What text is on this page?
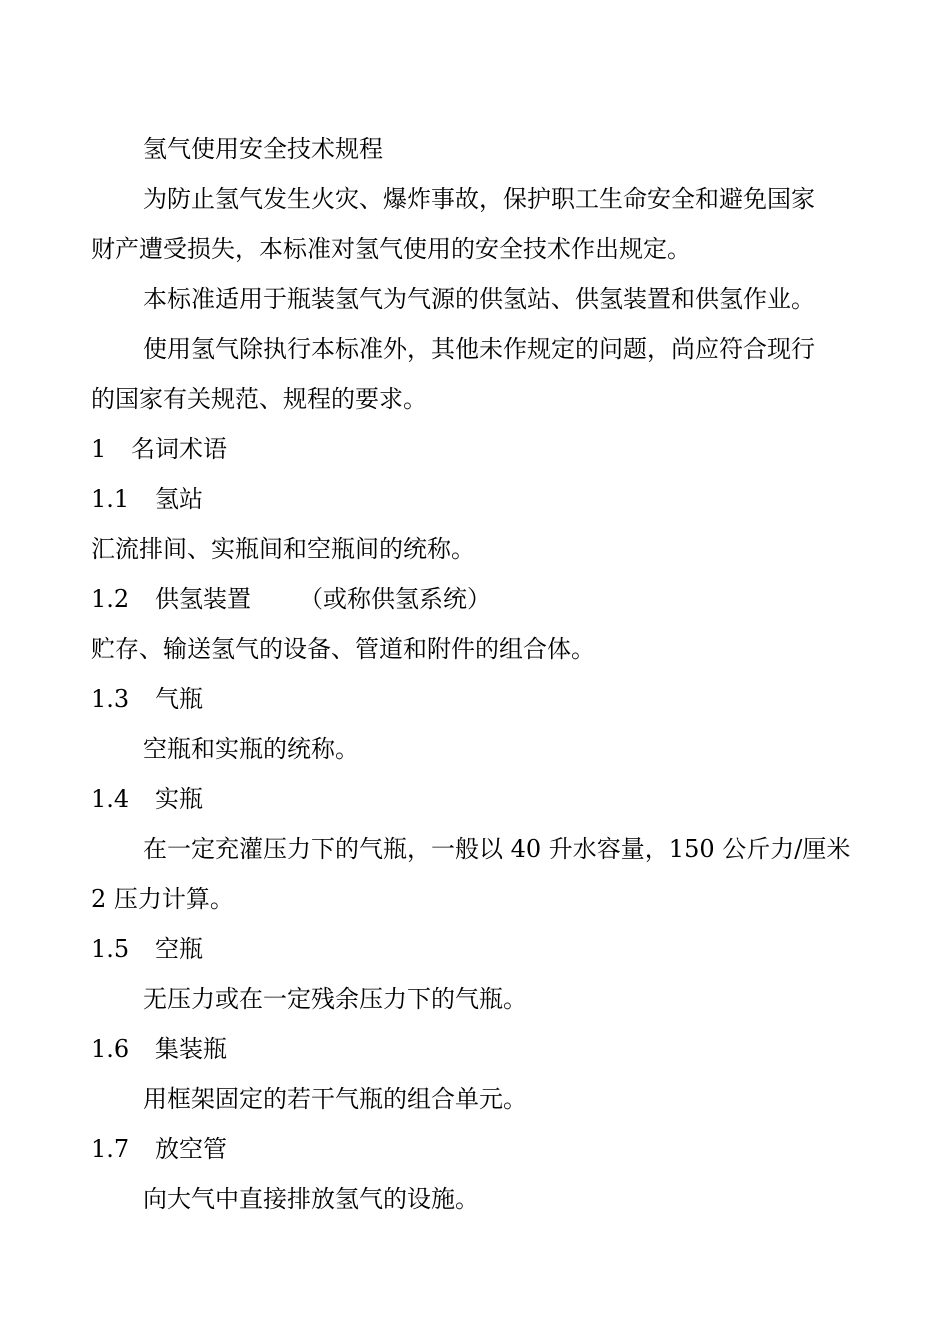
氢气使用安全技术规程
为防止氢气发生火灾、爆炸事故，保护职工生命安全和避免国家
财产遭受损失，本标准对氢气使用的安全技术作出规定。
本标准适用于瓶装氢气为气源的供氢站、供氢装置和供氢作业。
使用氢气除执行本标准外，其他未作规定的问题，尚应符合现行
的国家有关规范、规程的要求。
1 名词术语
1.1 氢站
汇流排间、实瓶间和空瓶间的统称。
1.2 供氢装置 （或称供氢系统）
贮存、输送氢气的设备、管道和附件的组合体。
1.3 气瓶
空瓶和实瓶的统称。
1.4 实瓶
在一定充灌压力下的气瓶，一般以 40 升水容量，150 公斤力/厘米
2 压力计算。
1.5 空瓶
无压力或在一定残余压力下的气瓶。
1.6 集装瓶
用框架固定的若干气瓶的组合单元。
1.7 放空管
向大气中直接排放氢气的设施。
